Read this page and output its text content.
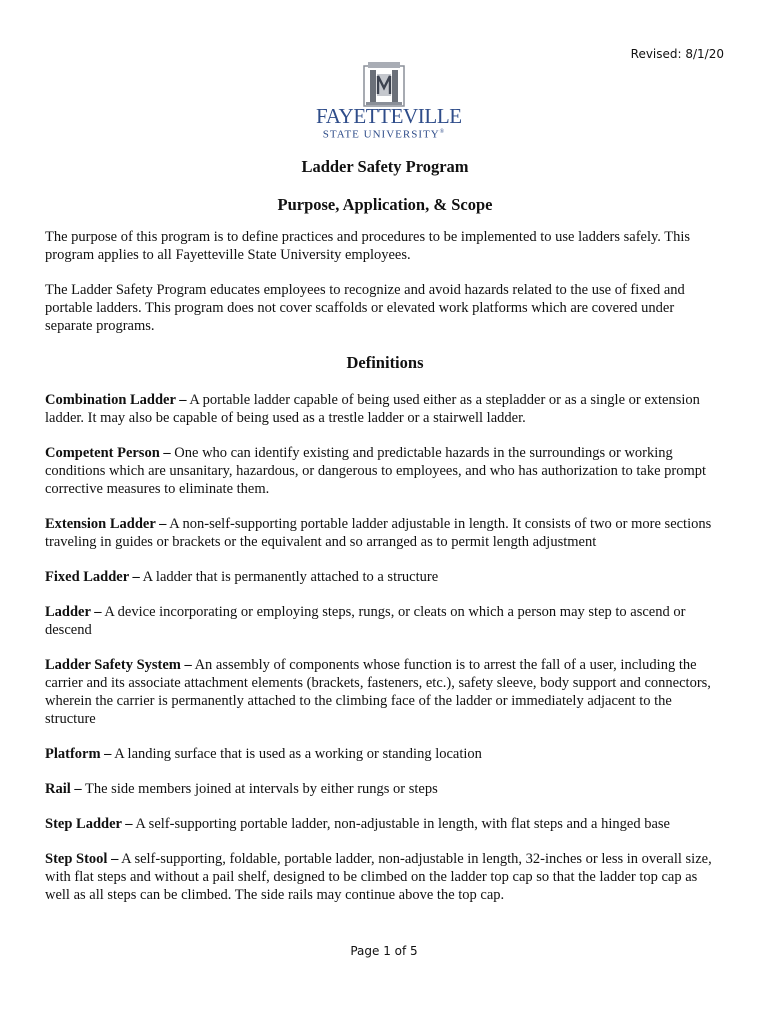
Revised: 8/1/20
FAYETTEVILLE
STATE UNIVERSITY®
Ladder Safety Program
Purpose, Application, & Scope

The purpose of this program is to define practices and procedures to be implemented to use ladders safely. This program applies to all Fayetteville State University employees.

The Ladder Safety Program educates employees to recognize and avoid hazards related to the use of fixed and portable ladders. This program does not cover scaffolds or elevated work platforms which are covered under separate programs.

Definitions

Combination Ladder – A portable ladder capable of being used either as a stepladder or as a single or extension ladder. It may also be capable of being used as a trestle ladder or a stairwell ladder.

Competent Person – One who can identify existing and predictable hazards in the surroundings or working conditions which are unsanitary, hazardous, or dangerous to employees, and who has authorization to take prompt corrective measures to eliminate them.

Extension Ladder – A non-self-supporting portable ladder adjustable in length. It consists of two or more sections traveling in guides or brackets or the equivalent and so arranged as to permit length adjustment

Fixed Ladder – A ladder that is permanently attached to a structure

Ladder – A device incorporating or employing steps, rungs, or cleats on which a person may step to ascend or descend

Ladder Safety System – An assembly of components whose function is to arrest the fall of a user, including the carrier and its associate attachment elements (brackets, fasteners, etc.), safety sleeve, body support and connectors, wherein the carrier is permanently attached to the climbing face of the ladder or immediately adjacent to the structure

Platform – A landing surface that is used as a working or standing location

Rail – The side members joined at intervals by either rungs or steps

Step Ladder – A self-supporting portable ladder, non-adjustable in length, with flat steps and a hinged base

Step Stool – A self-supporting, foldable, portable ladder, non-adjustable in length, 32-inches or less in overall size, with flat steps and without a pail shelf, designed to be climbed on the ladder top cap so that the ladder top cap as well as all steps can be climbed. The side rails may continue above the top cap.

Page 1 of 5
